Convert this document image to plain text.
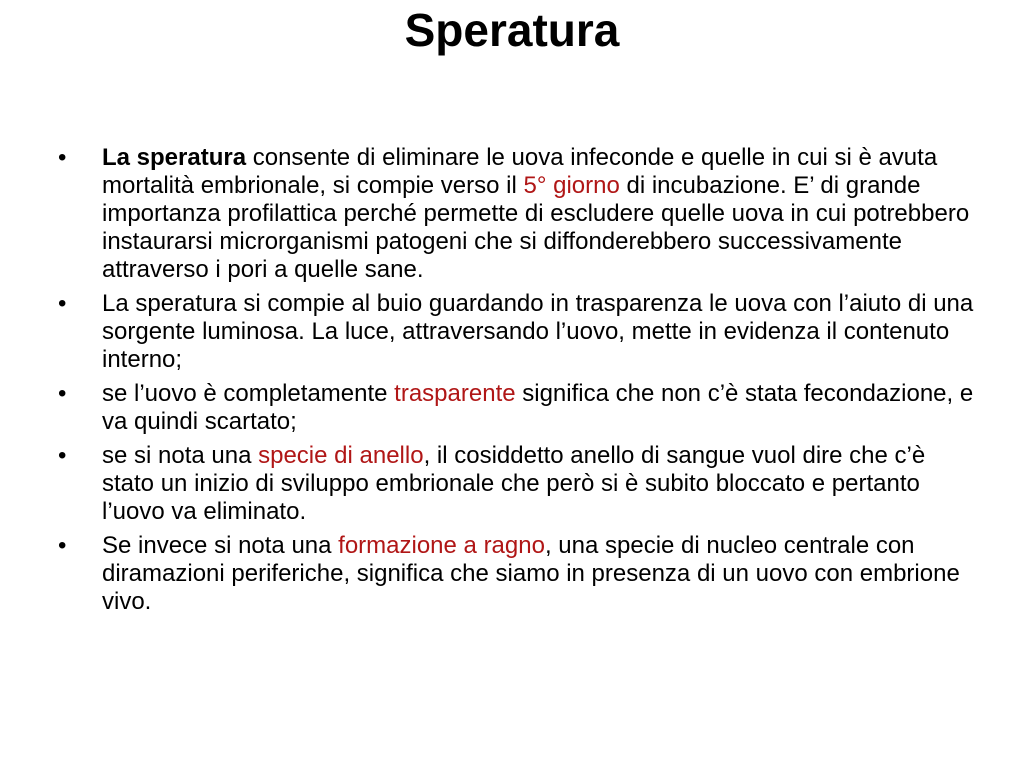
Speratura
•	La speratura consente di eliminare le uova infeconde e quelle in cui si è avuta mortalità embrionale, si compie verso il 5° giorno di incubazione. E’ di grande importanza profilattica perché permette di escludere quelle uova in cui potrebbero instaurarsi microrganismi patogeni che si diffonderebbero successivamente attraverso i pori a quelle sane.
•	La speratura si compie al buio guardando in trasparenza le uova con l’aiuto di una sorgente luminosa. La luce, attraversando l’uovo, mette in evidenza il contenuto interno;
•	se l’uovo è completamente trasparente significa che non c’è stata fecondazione, e va quindi scartato;
•	se si nota una specie di anello, il cosiddetto anello di sangue vuol dire che c’è stato un inizio di sviluppo embrionale che però si è subito bloccato e pertanto l’uovo va eliminato.
•	Se invece si nota una formazione a ragno, una specie di nucleo centrale con diramazioni periferiche, significa che siamo in presenza di un uovo con embrione vivo.
